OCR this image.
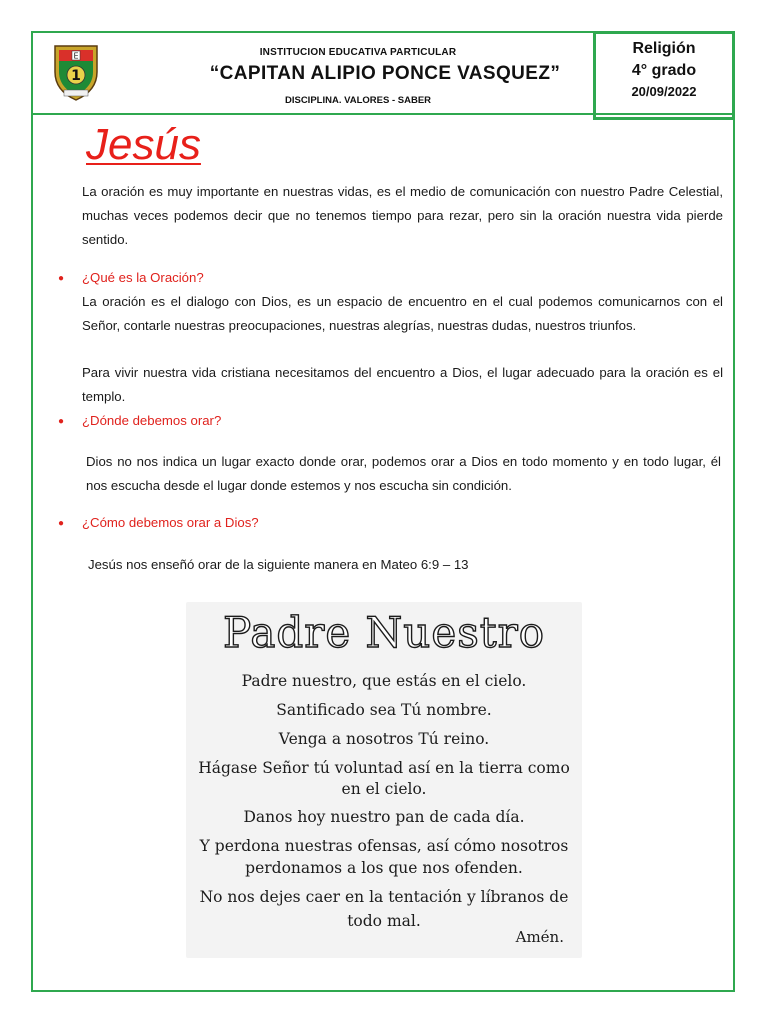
E
1
INSTITUCION EDUCATIVA PARTICULAR
“CAPITAN ALIPIO PONCE VASQUEZ”
DISCIPLINA. VALORES - SABER
Religión
4° grado
20/09/2022
Jesús
La oración es muy importante en nuestras vidas, es el medio de comunicación con nuestro Padre Celestial, muchas veces podemos decir que no tenemos tiempo para rezar, pero sin la oración nuestra vida pierde sentido.
● ¿Qué es la Oración?
La oración es el dialogo con Dios, es un espacio de encuentro en el cual podemos comunicarnos con el Señor, contarle nuestras preocupaciones, nuestras alegrías, nuestras dudas, nuestros triunfos.
Para vivir nuestra vida cristiana necesitamos del encuentro a Dios, el lugar adecuado para la oración es el templo.
● ¿Dónde debemos orar?
Dios no nos indica un lugar exacto donde orar, podemos orar a Dios en todo momento y en todo lugar, él nos escucha desde el lugar donde estemos y nos escucha sin condición.
● ¿Cómo debemos orar a Dios?
Jesús nos enseñó orar de la siguiente manera en Mateo 6:9 – 13
Padre Nuestro
Padre nuestro, que estás en el cielo.
Santificado sea Tú nombre.
Venga a nosotros Tú reino.
Hágase Señor tú voluntad así en la tierra como
en el cielo.
Danos hoy nuestro pan de cada día.
Y perdona nuestras ofensas, así cómo nosotros
perdonamos a los que nos ofenden.
No nos dejes caer en la tentación y líbranos de
todo mal.
Amén.
